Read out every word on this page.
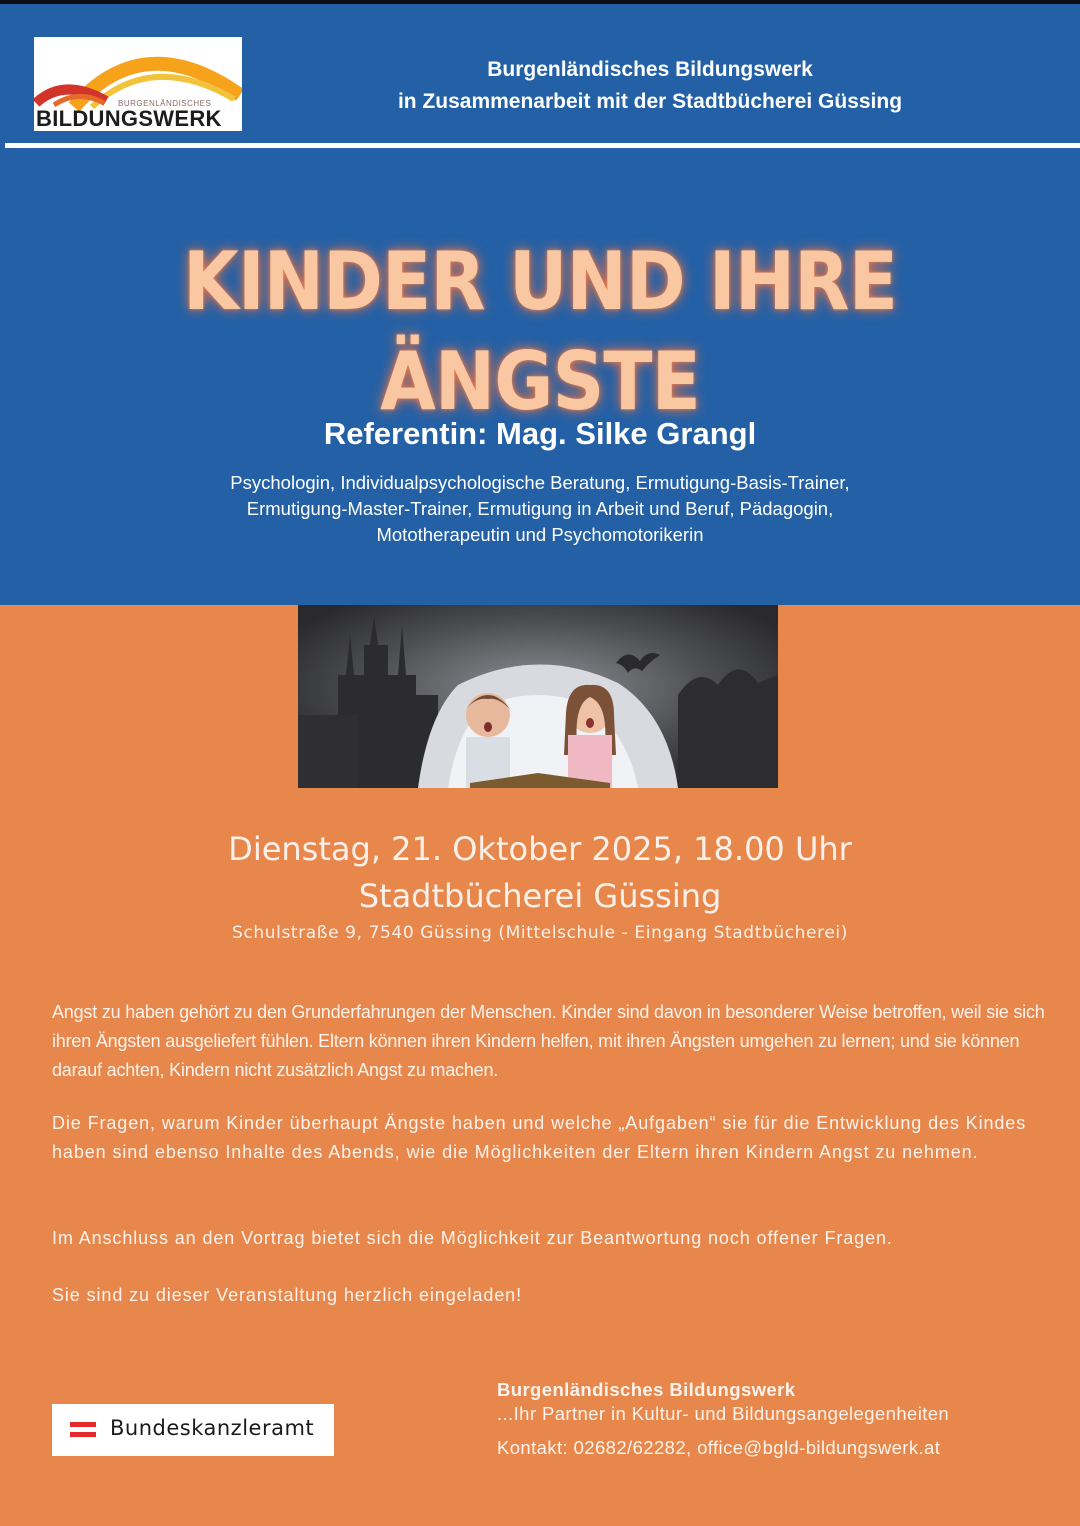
BURGENLÄNDISCHES
BILDUNGSWERK
Burgenländisches Bildungswerk
in Zusammenarbeit mit der Stadtbücherei Güssing
KINDER UND IHRE ÄNGSTE
Referentin: Mag. Silke Grangl
Psychologin, Individualpsychologische Beratung, Ermutigung-Basis-Trainer,
Ermutigung-Master-Trainer, Ermutigung in Arbeit und Beruf, Pädagogin,
Mototherapeutin und Psychomotorikerin
Dienstag, 21. Oktober 2025, 18.00 Uhr
Stadtbücherei Güssing
Schulstraße 9, 7540 Güssing (Mittelschule - Eingang Stadtbücherei)
Angst zu haben gehört zu den Grunderfahrungen der Menschen. Kinder sind davon in besonderer Weise betroffen, weil sie sich ihren Ängsten ausgeliefert fühlen. Eltern können ihren Kindern helfen, mit ihren Ängsten umgehen zu lernen; und sie können darauf achten, Kindern nicht zusätzlich Angst zu machen.
Die Fragen, warum Kinder überhaupt Ängste haben und welche „Aufgaben“ sie für die Entwicklung des Kindes haben sind ebenso Inhalte des Abends, wie die Möglichkeiten der Eltern ihren Kindern Angst zu nehmen.
Im Anschluss an den Vortrag bietet sich die Möglichkeit zur Beantwortung noch offener Fragen.
Sie sind zu dieser Veranstaltung herzlich eingeladen!
Bundeskanzleramt
Burgenländisches Bildungswerk
...Ihr Partner in Kultur- und Bildungsangelegenheiten
Kontakt: 02682/62282, office@bgld-bildungswerk.at
